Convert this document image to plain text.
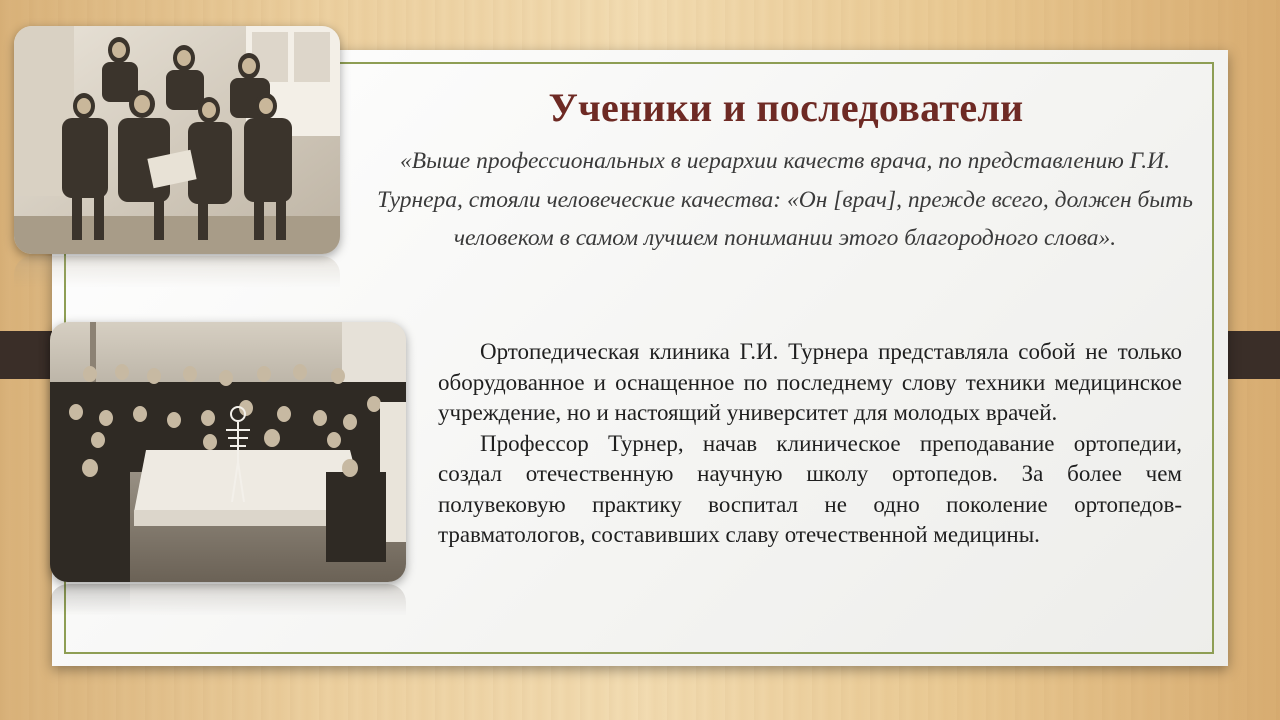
Ученики и последователи

«Выше профессиональных в иерархии качеств врача, по представлению Г.И. Турнера, стояли человеческие качества: «Он [врач], прежде всего, должен быть человеком в самом лучшем понимании этого благородного слова».

Ортопедическая клиника Г.И. Турнера представляла собой не только оборудованное и оснащенное по последнему слову техники медицинское учреждение, но и настоящий университет для молодых врачей.

Профессор Турнер, начав клиническое преподавание ортопедии, создал отечественную научную школу ортопедов. За более чем полувековую практику воспитал не одно поколение ортопедов-травматологов, составивших славу отечественной медицины.
